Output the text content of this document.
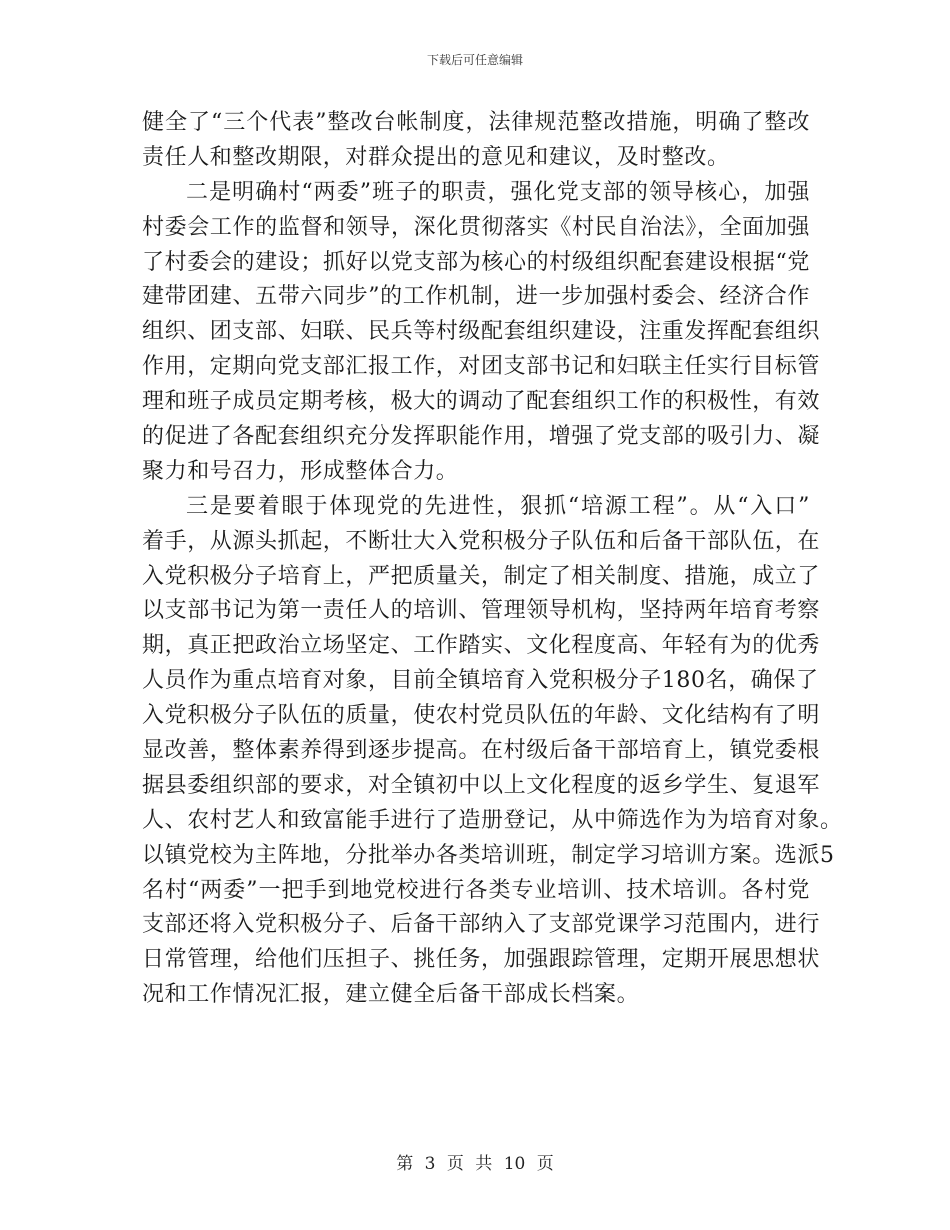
下载后可任意编辑
健全了“三个代表”整改台帐制度，法律规范整改措施，明确了整改
责任人和整改期限，对群众提出的意见和建议，及时整改。
二是明确村“两委”班子的职责，强化党支部的领导核心，加强
村委会工作的监督和领导，深化贯彻落实《村民自治法》，全面加强
了村委会的建设；抓好以党支部为核心的村级组织配套建设根据“党
建带团建、五带六同步”的工作机制，进一步加强村委会、经济合作
组织、团支部、妇联、民兵等村级配套组织建设，注重发挥配套组织
作用，定期向党支部汇报工作，对团支部书记和妇联主任实行目标管
理和班子成员定期考核，极大的调动了配套组织工作的积极性，有效
的促进了各配套组织充分发挥职能作用，增强了党支部的吸引力、凝
聚力和号召力，形成整体合力。
三是要着眼于体现党的先进性，狠抓“培源工程”。从“入口”
着手，从源头抓起，不断壮大入党积极分子队伍和后备干部队伍，在
入党积极分子培育上，严把质量关，制定了相关制度、措施，成立了
以支部书记为第一责任人的培训、管理领导机构，坚持两年培育考察
期，真正把政治立场坚定、工作踏实、文化程度高、年轻有为的优秀
人员作为重点培育对象，目前全镇培育入党积极分子180名，确保了
入党积极分子队伍的质量，使农村党员队伍的年龄、文化结构有了明
显改善，整体素养得到逐步提高。在村级后备干部培育上，镇党委根
据县委组织部的要求，对全镇初中以上文化程度的返乡学生、复退军
人、农村艺人和致富能手进行了造册登记，从中筛选作为为培育对象。
以镇党校为主阵地，分批举办各类培训班，制定学习培训方案。选派5
名村“两委”一把手到地党校进行各类专业培训、技术培训。各村党
支部还将入党积极分子、后备干部纳入了支部党课学习范围内，进行
日常管理，给他们压担子、挑任务，加强跟踪管理，定期开展思想状
况和工作情况汇报，建立健全后备干部成长档案。
第 3 页 共 10 页
